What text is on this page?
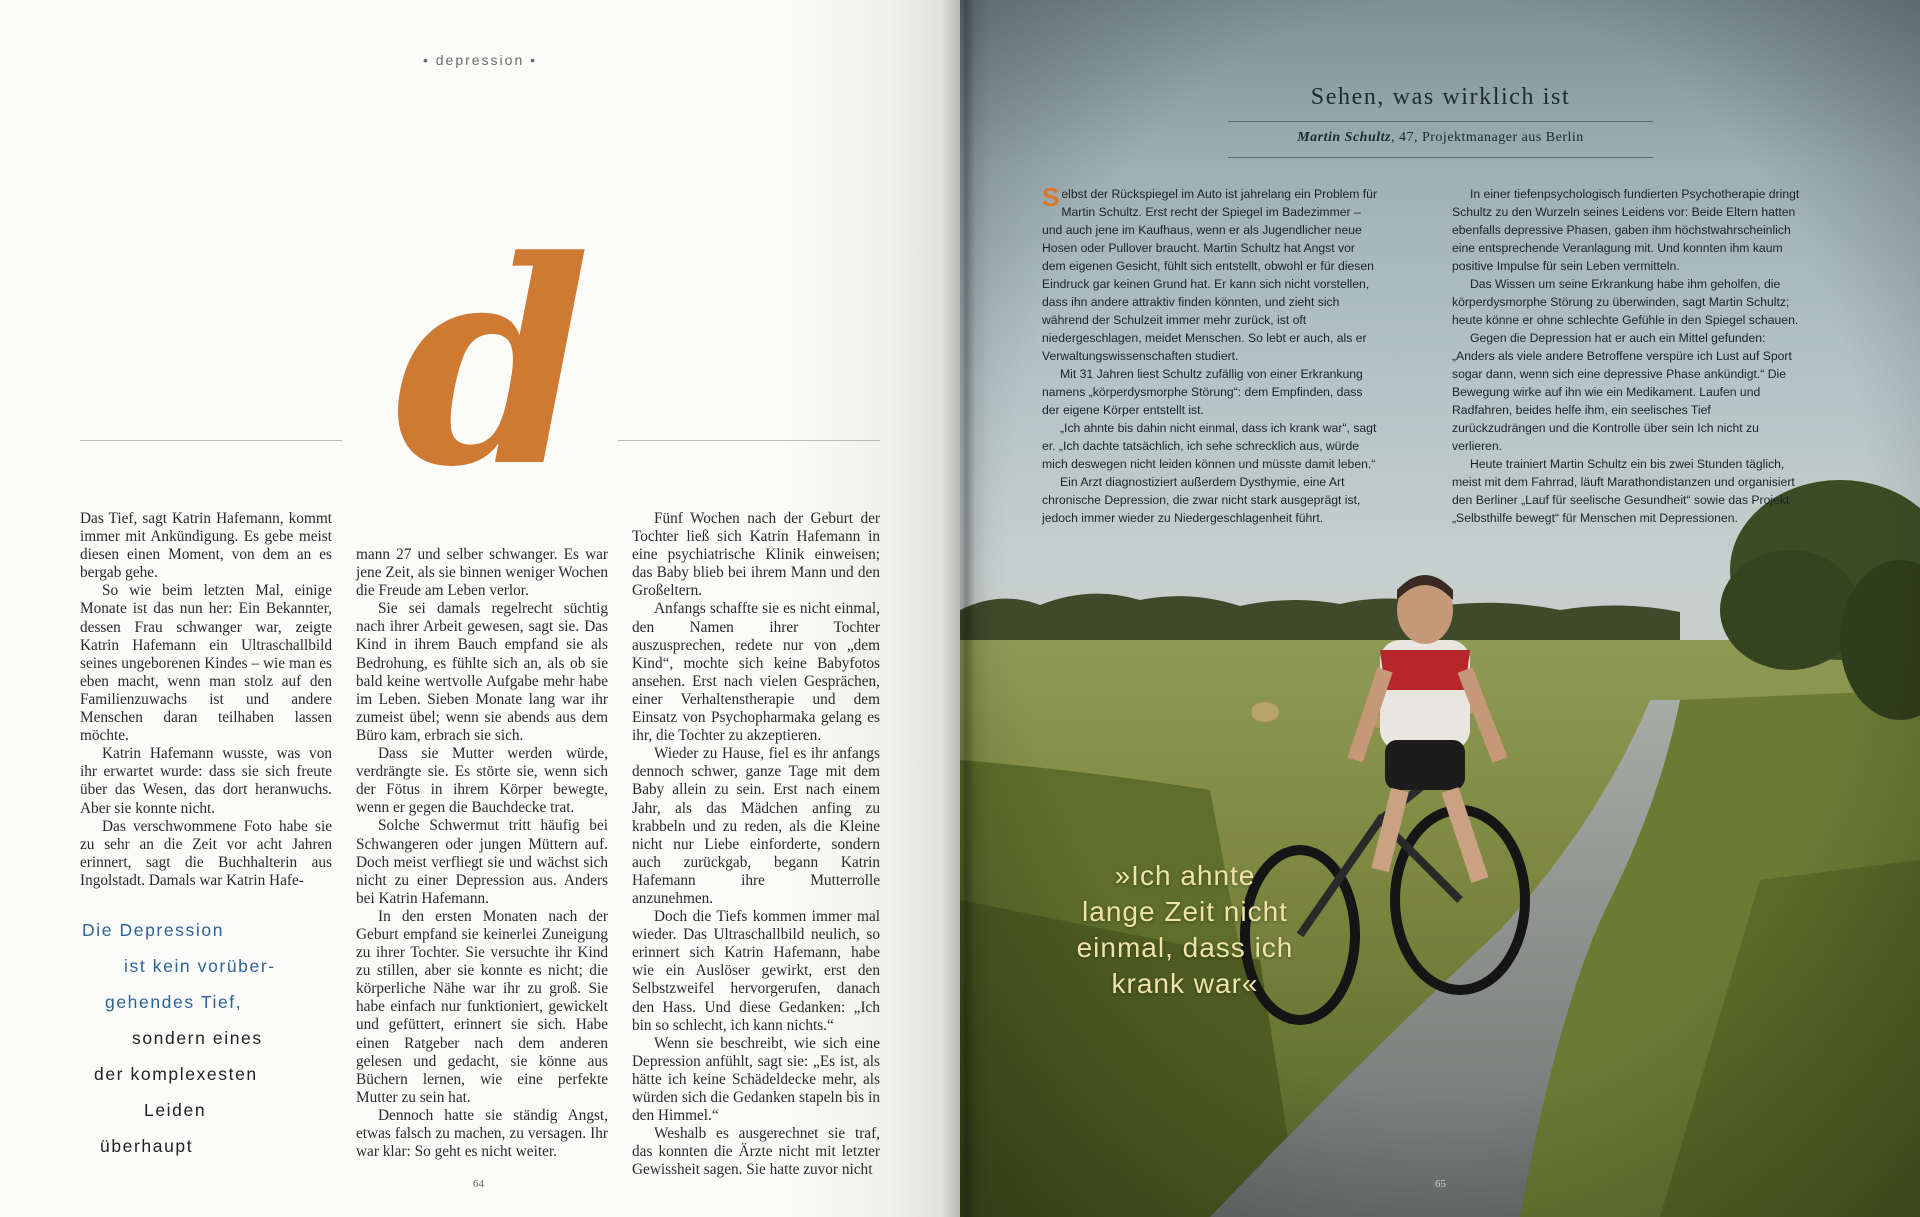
• depression •
d

Das Tief, sagt Katrin Hafemann, kommt immer mit Ankündigung. Es gebe meist diesen einen Moment, von dem an es bergab gehe.

So wie beim letzten Mal, einige Monate ist das nun her: Ein Bekannter, dessen Frau schwanger war, zeigte Katrin Hafemann ein Ultraschallbild seines ungeborenen Kindes – wie man es eben macht, wenn man stolz auf den Familienzuwachs ist und andere Menschen daran teilhaben lassen möchte.

Katrin Hafemann wusste, was von ihr erwartet wurde: dass sie sich freute über das Wesen, das dort heranwuchs. Aber sie konnte nicht.

Das verschwommene Foto habe sie zu sehr an die Zeit vor acht Jahren erinnert, sagt die Buchhalterin aus Ingolstadt. Damals war Katrin Hafe-

mann 27 und selber schwanger. Es war jene Zeit, als sie binnen weniger Wochen die Freude am Leben verlor.

Sie sei damals regelrecht süchtig nach ihrer Arbeit gewesen, sagt sie. Das Kind in ihrem Bauch empfand sie als Bedrohung, es fühlte sich an, als ob sie bald keine wertvolle Aufgabe mehr habe im Leben. Sieben Monate lang war ihr zumeist übel; wenn sie abends aus dem Büro kam, erbrach sie sich.

Dass sie Mutter werden würde, verdrängte sie. Es störte sie, wenn sich der Fötus in ihrem Körper bewegte, wenn er gegen die Bauchdecke trat.

Solche Schwermut tritt häufig bei Schwangeren oder jungen Müttern auf. Doch meist verfliegt sie und wächst sich nicht zu einer Depression aus. Anders bei Katrin Hafemann.

In den ersten Monaten nach der Geburt empfand sie keinerlei Zuneigung zu ihrer Tochter. Sie versuchte ihr Kind zu stillen, aber sie konnte es nicht; die körperliche Nähe war ihr zu groß. Sie habe einfach nur funktioniert, gewickelt und gefüttert, erinnert sie sich. Habe einen Ratgeber nach dem anderen gelesen und gedacht, sie könne aus Büchern lernen, wie eine perfekte Mutter zu sein hat.

Dennoch hatte sie ständig Angst, etwas falsch zu machen, zu versagen. Ihr war klar: So geht es nicht weiter.

Fünf Wochen nach der Geburt der Tochter ließ sich Katrin Hafemann in eine psychiatrische Klinik einweisen; das Baby blieb bei ihrem Mann und den Großeltern.

Anfangs schaffte sie es nicht einmal, den Namen ihrer Tochter auszusprechen, redete nur von „dem Kind“, mochte sich keine Babyfotos ansehen. Erst nach vielen Gesprächen, einer Verhaltenstherapie und dem Einsatz von Psychopharmaka gelang es ihr, die Tochter zu akzeptieren.

Wieder zu Hause, fiel es ihr anfangs dennoch schwer, ganze Tage mit dem Baby allein zu sein. Erst nach einem Jahr, als das Mädchen anfing zu krabbeln und zu reden, als die Kleine nicht nur Liebe einforderte, sondern auch zurückgab, begann Katrin Hafemann ihre Mutterrolle anzunehmen.

Doch die Tiefs kommen immer mal wieder. Das Ultraschallbild neulich, so erinnert sich Katrin Hafemann, habe wie ein Auslöser gewirkt, erst den Selbstzweifel hervorgerufen, danach den Hass. Und diese Gedanken: „Ich bin so schlecht, ich kann nichts.“

Wenn sie beschreibt, wie sich eine Depression anfühlt, sagt sie: „Es ist, als hätte ich keine Schädeldecke mehr, als würden sich die Gedanken stapeln bis in den Himmel.“

Weshalb es ausgerechnet sie traf, das konnten die Ärzte nicht mit letzter Gewissheit sagen. Sie hatte zuvor nicht

Die Depression
ist kein vorüber-
gehendes Tief,
sondern eines
der komplexesten
Leiden
überhaupt
64
Sehen, was wirklich ist
Martin Schultz, 47, Projektmanager aus Berlin

Selbst der Rückspiegel im Auto ist jahrelang ein Problem für Martin Schultz. Erst recht der Spiegel im Badezimmer – und auch jene im Kaufhaus, wenn er als Jugendlicher neue Hosen oder Pullover braucht. Martin Schultz hat Angst vor dem eigenen Gesicht, fühlt sich entstellt, obwohl er für diesen Eindruck gar keinen Grund hat. Er kann sich nicht vorstellen, dass ihn andere attraktiv finden könnten, und zieht sich während der Schulzeit immer mehr zurück, ist oft niedergeschlagen, meidet Menschen. So lebt er auch, als er Verwaltungswissenschaften studiert.

Mit 31 Jahren liest Schultz zufällig von einer Erkrankung namens „körperdysmorphe Störung“: dem Empfinden, dass der eigene Körper entstellt ist.

„Ich ahnte bis dahin nicht einmal, dass ich krank war“, sagt er. „Ich dachte tatsächlich, ich sehe schrecklich aus, würde mich deswegen nicht leiden können und müsste damit leben.“

Ein Arzt diagnostiziert außerdem Dysthymie, eine Art chronische Depression, die zwar nicht stark ausgeprägt ist, jedoch immer wieder zu Niedergeschlagenheit führt.

In einer tiefenpsychologisch fundierten Psychotherapie dringt Schultz zu den Wurzeln seines Leidens vor: Beide Eltern hatten ebenfalls depressive Phasen, gaben ihm höchstwahrscheinlich eine entsprechende Veranlagung mit. Und konnten ihm kaum positive Impulse für sein Leben vermitteln.

Das Wissen um seine Erkrankung habe ihm geholfen, die körperdysmorphe Störung zu überwinden, sagt Martin Schultz; heute könne er ohne schlechte Gefühle in den Spiegel schauen.

Gegen die Depression hat er auch ein Mittel gefunden: „Anders als viele andere Betroffene verspüre ich Lust auf Sport sogar dann, wenn sich eine depressive Phase ankündigt.“ Die Bewegung wirke auf ihn wie ein Medikament. Laufen und Radfahren, beides helfe ihm, ein seelisches Tief zurückzudrängen und die Kontrolle über sein Ich nicht zu verlieren.

Heute trainiert Martin Schultz ein bis zwei Stunden täglich, meist mit dem Fahrrad, läuft Marathondistanzen und organisiert den Berliner „Lauf für seelische Gesundheit“ sowie das Projekt „Selbsthilfe bewegt“ für Menschen mit Depressionen.

»Ich ahnte
lange Zeit nicht
einmal, dass ich
krank war«
65
